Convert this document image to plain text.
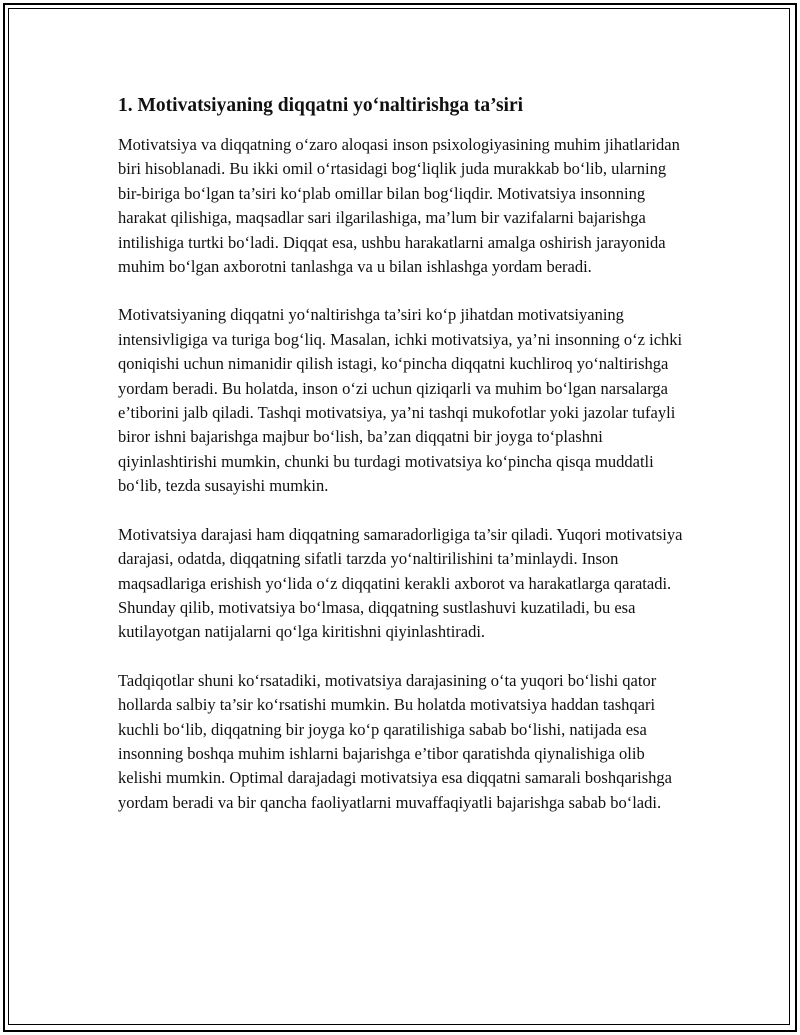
1. Motivatsiyaning diqqatni yo‘naltirishga ta’siri

Motivatsiya va diqqatning o‘zaro aloqasi inson psixologiyasining muhim jihatlaridan biri hisoblanadi. Bu ikki omil o‘rtasidagi bog‘liqlik juda murakkab bo‘lib, ularning bir-biriga bo‘lgan ta’siri ko‘plab omillar bilan bog‘liqdir. Motivatsiya insonning harakat qilishiga, maqsadlar sari ilgarilashiga, ma’lum bir vazifalarni bajarishga intilishiga turtki bo‘ladi. Diqqat esa, ushbu harakatlarni amalga oshirish jarayonida muhim bo‘lgan axborotni tanlashga va u bilan ishlashga yordam beradi.

Motivatsiyaning diqqatni yo‘naltirishga ta’siri ko‘p jihatdan motivatsiyaning intensivligiga va turiga bog‘liq. Masalan, ichki motivatsiya, ya’ni insonning o‘z ichki qoniqishi uchun nimanidir qilish istagi, ko‘pincha diqqatni kuchliroq yo‘naltirishga yordam beradi. Bu holatda, inson o‘zi uchun qiziqarli va muhim bo‘lgan narsalarga e’tiborini jalb qiladi. Tashqi motivatsiya, ya’ni tashqi mukofotlar yoki jazolar tufayli biror ishni bajarishga majbur bo‘lish, ba’zan diqqatni bir joyga to‘plashni qiyinlashtirishi mumkin, chunki bu turdagi motivatsiya ko‘pincha qisqa muddatli bo‘lib, tezda susayishi mumkin.

Motivatsiya darajasi ham diqqatning samaradorligiga ta’sir qiladi. Yuqori motivatsiya darajasi, odatda, diqqatning sifatli tarzda yo‘naltirilishini ta’minlaydi. Inson maqsadlariga erishish yo‘lida o‘z diqqatini kerakli axborot va harakatlarga qaratadi. Shunday qilib, motivatsiya bo‘lmasa, diqqatning sustlashuvi kuzatiladi, bu esa kutilayotgan natijalarni qo‘lga kiritishni qiyinlashtiradi.

Tadqiqotlar shuni ko‘rsatadiki, motivatsiya darajasining o‘ta yuqori bo‘lishi qator hollarda salbiy ta’sir ko‘rsatishi mumkin. Bu holatda motivatsiya haddan tashqari kuchli bo‘lib, diqqatning bir joyga ko‘p qaratilishiga sabab bo‘lishi, natijada esa insonning boshqa muhim ishlarni bajarishga e’tibor qaratishda qiynalishiga olib kelishi mumkin. Optimal darajadagi motivatsiya esa diqqatni samarali boshqarishga yordam beradi va bir qancha faoliyatlarni muvaffaqiyatli bajarishga sabab bo‘ladi.
